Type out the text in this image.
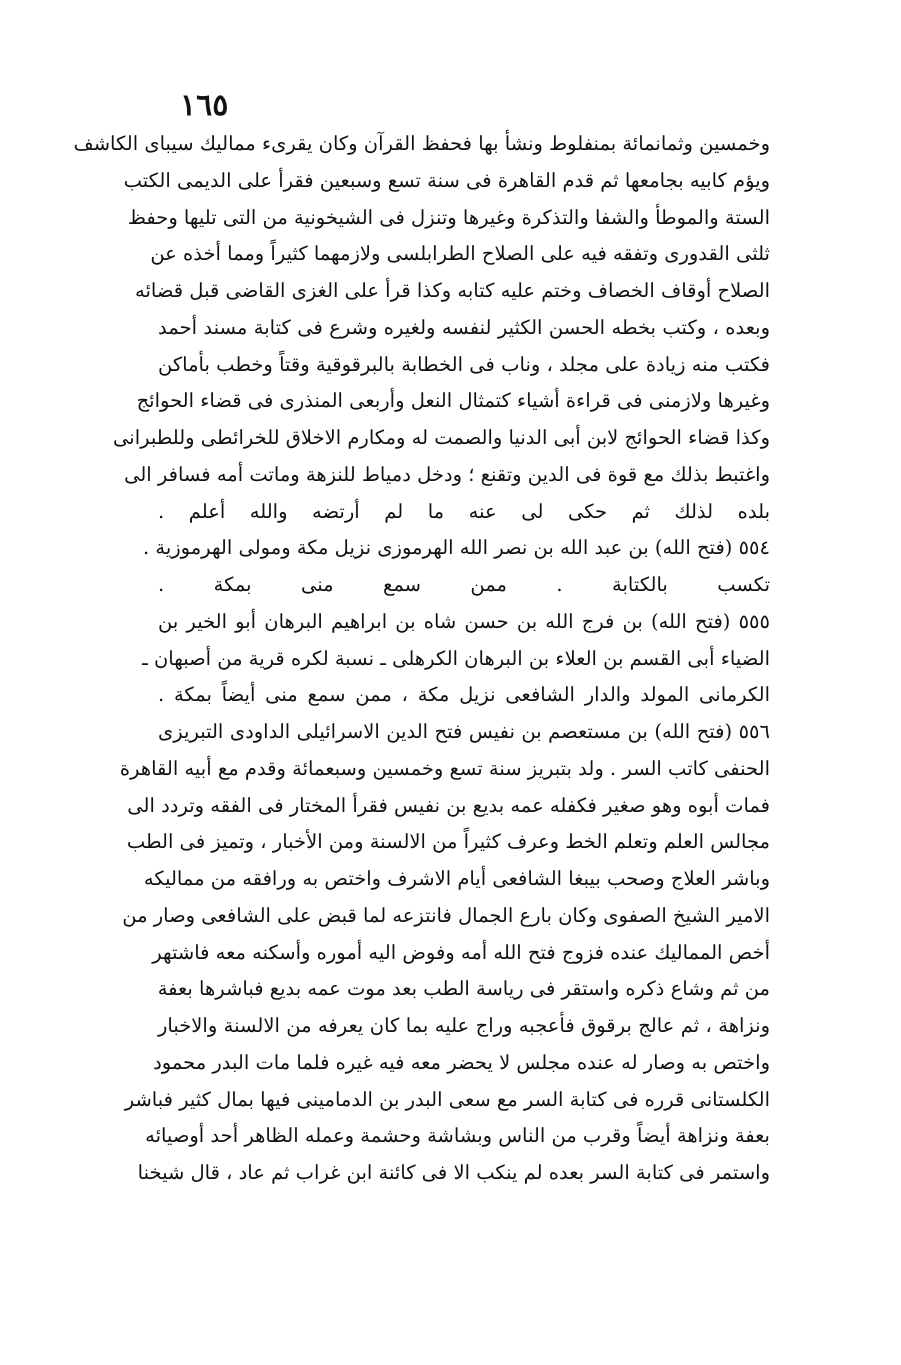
١٦٥
وخمسين وثمانمائة بمنفلوط ونشأ بها فحفظ القرآن وكان يقرىء مماليك سيباى الكاشف
ويؤم كابيه بجامعها ثم قدم القاهرة فى سنة تسع وسبعين فقرأ على الديمى الكتب
الستة والموطأ والشفا والتذكرة وغيرها وتنزل فى الشيخونية من التى تليها وحفظ
ثلثى القدورى وتفقه فيه على الصلاح الطرابلسى ولازمهما كثيراً ومما أخذه عن
الصلاح أوقاف الخصاف وختم عليه كتابه وكذا قرأ على الغزى القاضى قبل قضائه
وبعده ، وكتب بخطه الحسن الكثير لنفسه ولغيره وشرع فى كتابة مسند أحمد
فكتب منه زيادة على مجلد ، وناب فى الخطابة بالبرقوقية وقتاً وخطب بأماكن
وغيرها ولازمنى فى قراءة أشياء كتمثال النعل وأربعى المنذرى فى قضاء الحوائج
وكذا قضاء الحوائج لابن أبى الدنيا والصمت له ومكارم الاخلاق للخرائطى وللطبرانى
واغتبط بذلك مع قوة فى الدين وتقنع ؛ ودخل دمياط للنزهة وماتت أمه فسافر الى
بلده لذلك ثم حكى لى عنه ما لم أرتضه والله أعلم .
٥٥٤ (فتح الله) بن عبد الله بن نصر الله الهرموزى نزيل مكة ومولى الهرموزية .
تكسب بالكتابة . ممن سمع منى بمكة .
٥٥٥ (فتح الله) بن فرج الله بن حسن شاه بن ابراهيم البرهان أبو الخير بن
الضياء أبى القسم بن العلاء بن البرهان الكرهلى ـ نسبة لكره قرية من أصبهان ـ
الكرمانى المولد والدار الشافعى نزيل مكة ، ممن سمع منى أيضاً بمكة .
٥٥٦ (فتح الله) بن مستعصم بن نفيس فتح الدين الاسرائيلى الداودى التبريزى
الحنفى كاتب السر . ولد بتبريز سنة تسع وخمسين وسبعمائة وقدم مع أبيه القاهرة
فمات أبوه وهو صغير فكفله عمه بديع بن نفيس فقرأ المختار فى الفقه وتردد الى
مجالس العلم وتعلم الخط وعرف كثيراً من الالسنة ومن الأخبار ، وتميز فى الطب
وباشر العلاج وصحب بيبغا الشافعى أيام الاشرف واختص به ورافقه من مماليكه
الامير الشيخ الصفوى وكان بارع الجمال فانتزعه لما قبض على الشافعى وصار من
أخص المماليك عنده فزوج فتح الله أمه وفوض اليه أموره وأسكنه معه فاشتهر
من ثم وشاع ذكره واستقر فى رياسة الطب بعد موت عمه بديع فباشرها بعفة
ونزاهة ، ثم عالج برقوق فأعجبه وراج عليه بما كان يعرفه من الالسنة والاخبار
واختص به وصار له عنده مجلس لا يحضر معه فيه غيره فلما مات البدر محمود
الكلستانى قرره فى كتابة السر مع سعى البدر بن الدمامينى فيها بمال كثير فباشر
بعفة ونزاهة أيضاً وقرب من الناس وبشاشة وحشمة وعمله الظاهر أحد أوصيائه
واستمر فى كتابة السر بعده لم ينكب الا فى كائنة ابن غراب ثم عاد ، قال شيخنا
